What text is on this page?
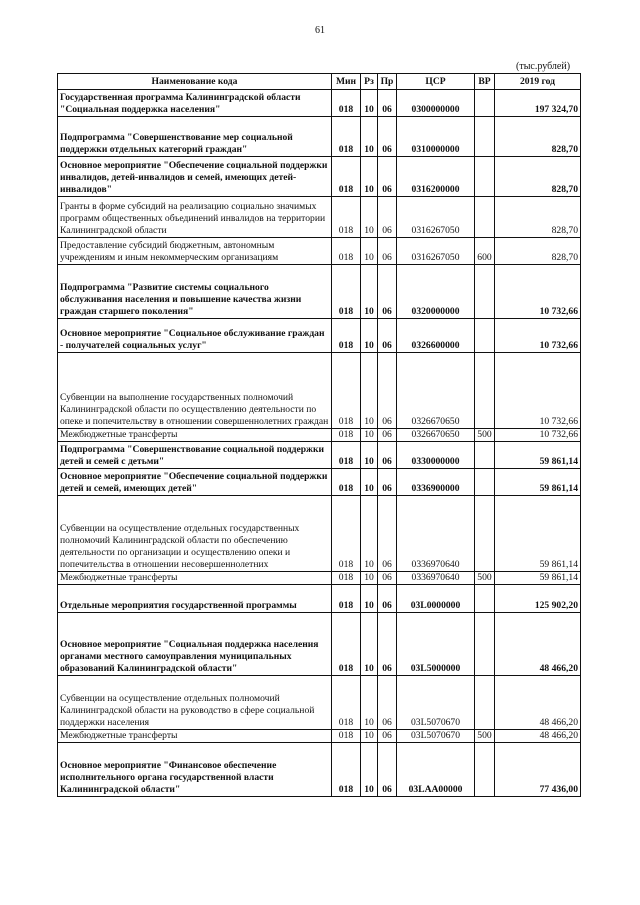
61
(тыс.рублей)
Наименование кода	Мин	Рз	Пр	ЦСР	ВР	2019 год
Государственная программа Калининградской области "Социальная поддержка населения"	018	10	06	0300000000		197 324,70
Подпрограмма "Совершенствование мер социальной поддержки отдельных категорий граждан"	018	10	06	0310000000		828,70
Основное мероприятие "Обеспечение социальной поддержки инвалидов, детей-инвалидов и семей, имеющих детей-инвалидов"	018	10	06	0316200000		828,70
Гранты в форме субсидий на реализацию социально значимых программ общественных объединений инвалидов на территории Калининградской области	018	10	06	0316267050		828,70
Предоставление субсидий бюджетным, автономным учреждениям и иным некоммерческим организациям	018	10	06	0316267050	600	828,70
Подпрограмма "Развитие системы социального обслуживания населения и повышение качества жизни граждан старшего поколения"	018	10	06	0320000000		10 732,66
Основное мероприятие "Социальное обслуживание граждан - получателей социальных услуг"	018	10	06	0326600000		10 732,66
Субвенции на выполнение государственных полномочий Калининградской области по осуществлению деятельности по опеке и попечительству в отношении совершеннолетних граждан	018	10	06	0326670650		10 732,66
Межбюджетные трансферты	018	10	06	0326670650	500	10 732,66
Подпрограмма "Совершенствование социальной поддержки детей и семей с детьми"	018	10	06	0330000000		59 861,14
Основное мероприятие "Обеспечение социальной поддержки детей и семей, имеющих детей"	018	10	06	0336900000		59 861,14
Субвенции на осуществление отдельных государственных полномочий Калининградской области по обеспечению деятельности по организации и осуществлению опеки и попечительства в отношении несовершеннолетних	018	10	06	0336970640		59 861,14
Межбюджетные трансферты	018	10	06	0336970640	500	59 861,14
Отдельные мероприятия государственной программы	018	10	06	03L0000000		125 902,20
Основное мероприятие "Социальная поддержка населения органами местного самоуправления муниципальных образований Калининградской области"	018	10	06	03L5000000		48 466,20
Субвенции на осуществление отдельных полномочий Калининградской области на руководство в сфере социальной поддержки населения	018	10	06	03L5070670		48 466,20
Межбюджетные трансферты	018	10	06	03L5070670	500	48 466,20
Основное мероприятие "Финансовое обеспечение исполнительного органа государственной власти Калининградской области"	018	10	06	03LAA00000		77 436,00
